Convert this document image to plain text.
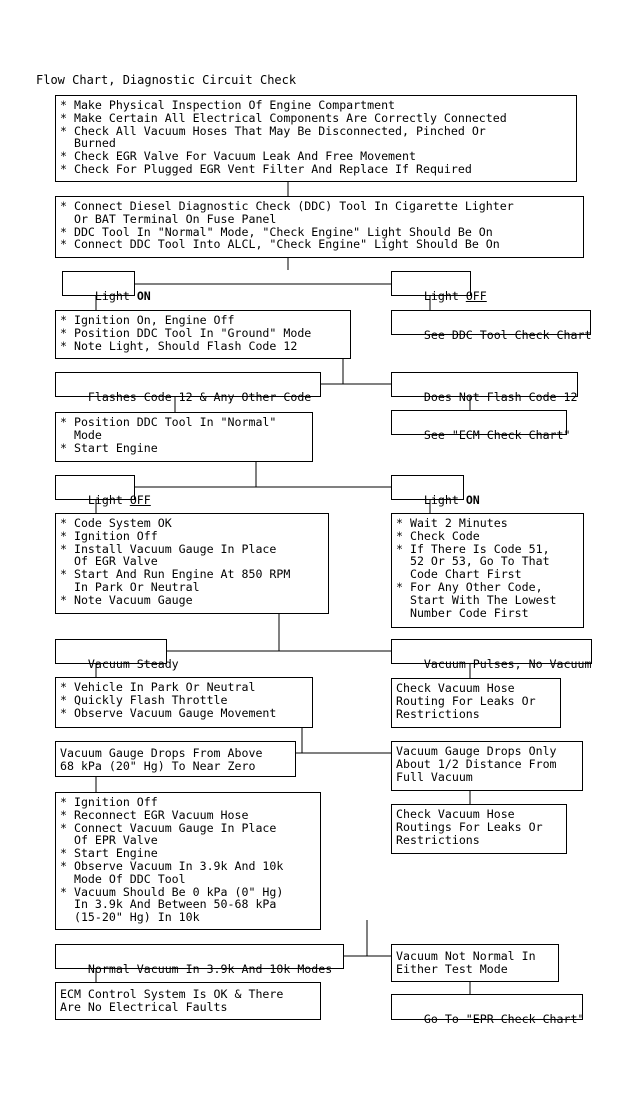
Flow Chart, Diagnostic Circuit Check
* Make Physical Inspection Of Engine Compartment
* Make Certain All Electrical Components Are Correctly Connected
* Check All Vacuum Hoses That May Be Disconnected, Pinched Or
Burned
* Check EGR Valve For Vacuum Leak And Free Movement
* Check For Plugged EGR Vent Filter And Replace If Required
* Connect Diesel Diagnostic Check (DDC) Tool In Cigarette Lighter
Or BAT Terminal On Fuse Panel
* DDC Tool In "Normal" Mode, "Check Engine" Light Should Be On
* Connect DDC Tool Into ALCL, "Check Engine" Light Should Be On

Light ON
	Light OFF

See DDC Tool Check Chart

* Ignition On, Engine Off
* Position DDC Tool In "Ground" Mode
* Note Light, Should Flash Code 12

Flashes Code 12 & Any Other Code
	Does Not Flash Code 12

See "ECM Check Chart"

* Position DDC Tool In "Normal"
Mode
* Start Engine

Light OFF
	Light ON

* Code System OK
* Ignition Off
* Install Vacuum Gauge In Place
Of EGR Valve
* Start And Run Engine At 850 RPM
In Park Or Neutral
* Note Vacuum Gauge
* Wait 2 Minutes
* Check Code
* If There Is Code 51,
52 Or 53, Go To That
Code Chart First
* For Any Other Code,
Start With The Lowest
Number Code First

Vacuum Steady
	Vacuum Pulses, No Vacuum

* Vehicle In Park Or Neutral
* Quickly Flash Throttle
* Observe Vacuum Gauge Movement
Check Vacuum Hose
Routing For Leaks Or
Restrictions
Vacuum Gauge Drops From Above
68 kPa (20" Hg) To Near Zero
Vacuum Gauge Drops Only
About 1/2 Distance From
Full Vacuum
* Ignition Off
* Reconnect EGR Vacuum Hose
* Connect Vacuum Gauge In Place
Of EPR Valve
* Start Engine
* Observe Vacuum In 3.9k And 10k
Mode Of DDC Tool
* Vacuum Should Be 0 kPa (0" Hg)
In 3.9k And Between 50-68 kPa
(15-20" Hg) In 10k
Check Vacuum Hose
Routings For Leaks Or
Restrictions

Normal Vacuum In 3.9k And 10k Modes

Vacuum Not Normal In
Either Test Mode
ECM Control System Is OK & There
Are No Electrical Faults

Go To "EPR Check Chart"
